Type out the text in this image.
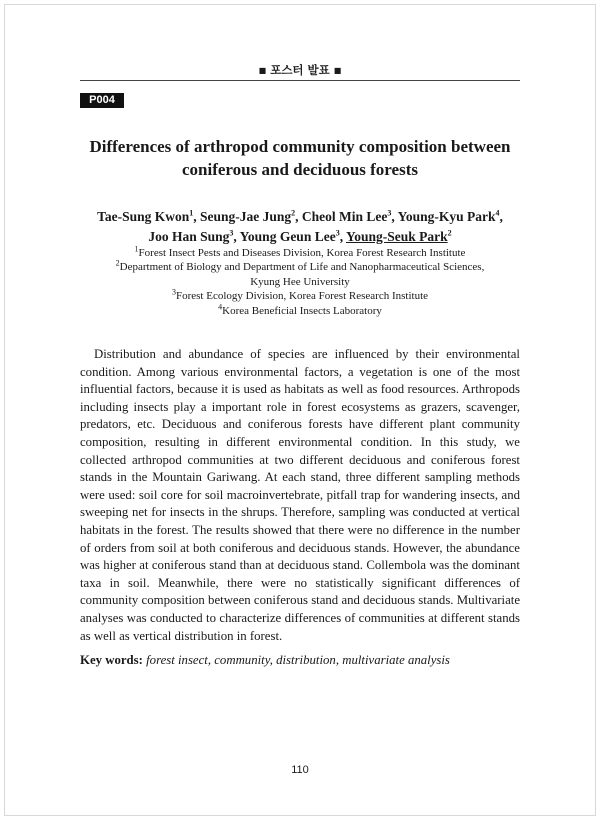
■ 포스터 발표 ■
P004
Differences of arthropod community composition between
coniferous and deciduous forests
Tae-Sung Kwon$^1$, Seung-Jae Jung$^2$, Cheol Min Lee$^3$, Young-Kyu Park$^4$,
Joo Han Sung$^3$, Young Geun Lee$^3$, Young-Seuk Park$^2$
$^1$Forest Insect Pests and Diseases Division, Korea Forest Research Institute
$^2$Department of Biology and Department of Life and Nanopharmaceutical Sciences,
Kyung Hee University
$^3$Forest Ecology Division, Korea Forest Research Institute
$^4$Korea Beneficial Insects Laboratory

Distribution and abundance of species are influenced by their environmental condition. Among various environmental factors, a vegetation is one of the most influential factors, because it is used as habitats as well as food resources. Arthropods including insects play a important role in forest ecosystems as grazers, scavenger, predators, etc. Deciduous and coniferous forests have different plant community composition, resulting in different environmental condition. In this study, we collected arthropod communities at two different deciduous and coniferous forest stands in the Mountain Gariwang. At each stand, three different sampling methods were used: soil core for soil macroinvertebrate, pitfall trap for wandering insects, and sweeping net for insects in the shrups. Therefore, sampling was conducted at vertical habitats in the forest. The results showed that there were no difference in the number of orders from soil at both coniferous and deciduous stands. However, the abundance was higher at coniferous stand than at deciduous stand. Collembola was the dominant taxa in soil. Meanwhile, there were no statistically significant differences of community composition between coniferous stand and deciduous stands. Multivariate analyses was conducted to characterize differences of communities at different stands as well as vertical distribution in forest.

Key words: forest insect, community, distribution, multivariate analysis

110
